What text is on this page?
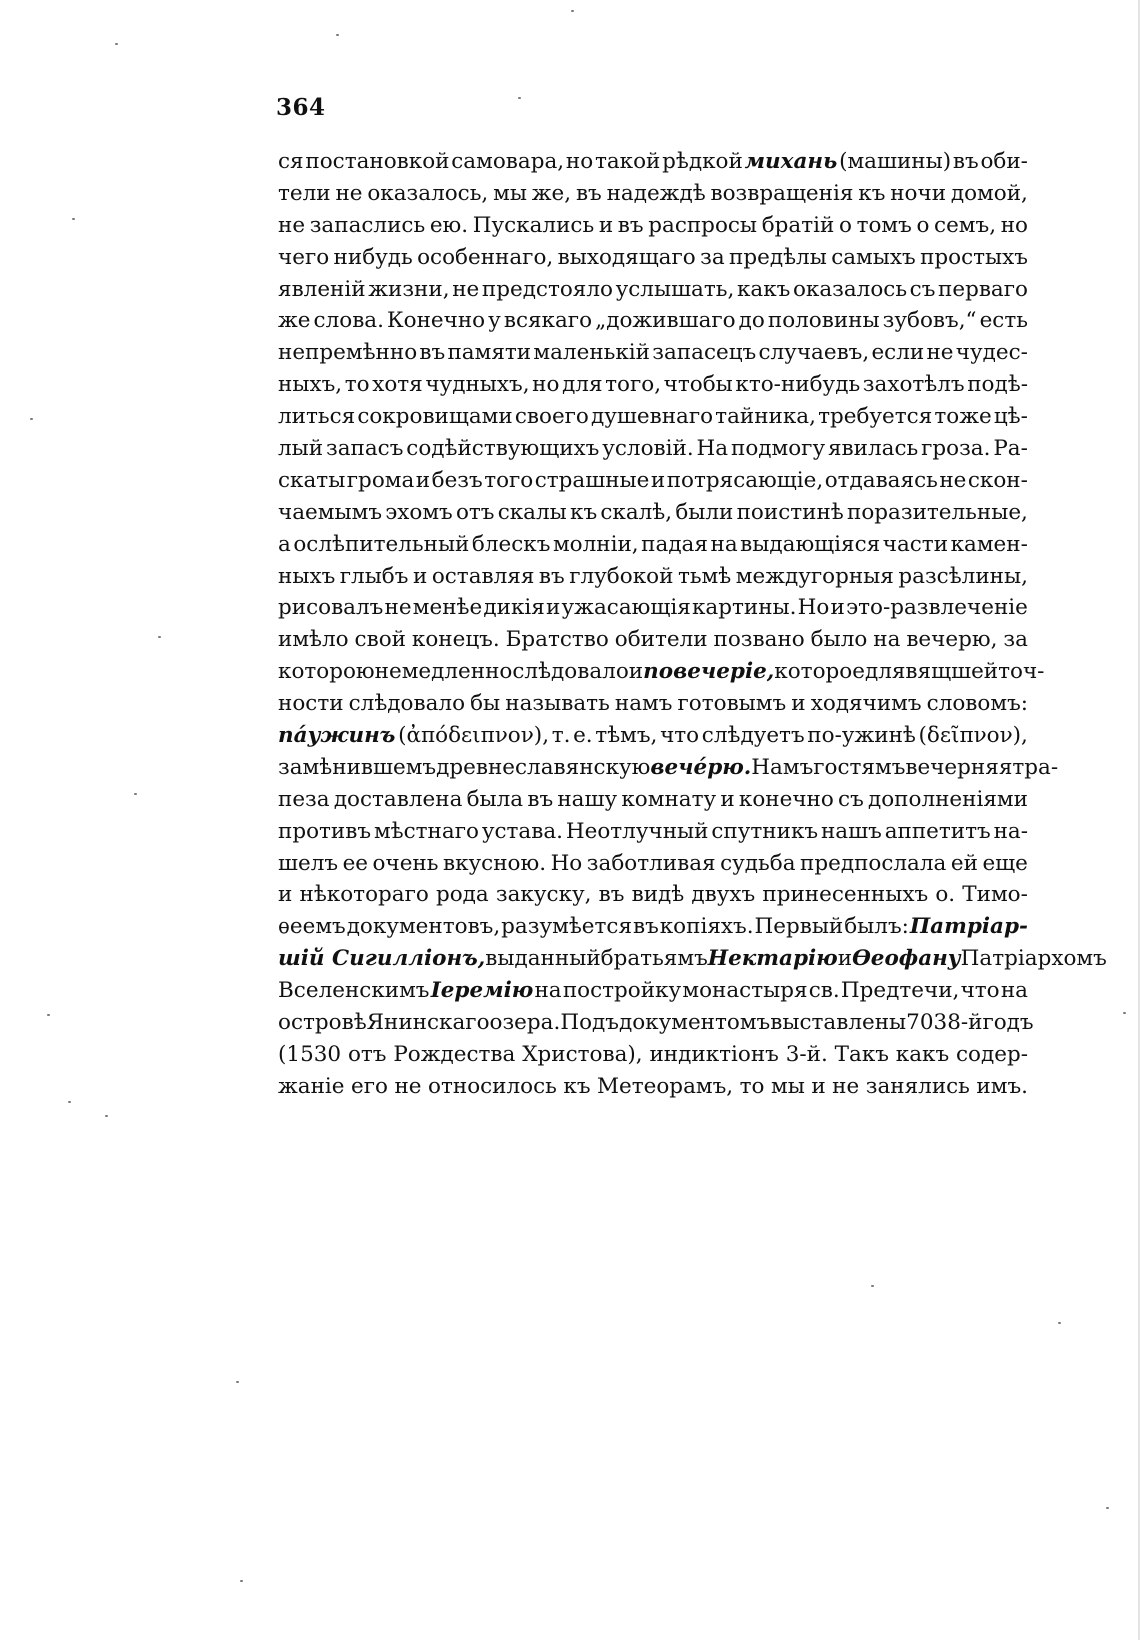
364
ся постановкой самовара, но такой рѣдкой михань (машины) въ оби-
тели не оказалось, мы же, въ надеждѣ возвращенія къ ночи домой,
не запаслись ею. Пускались и въ распросы братій о томъ о семъ, но
чего нибудь особеннаго, выходящаго за предѣлы самыхъ простыхъ
явленій жизни, не предстояло услышать, какъ оказалось съ перваго
же слова. Конечно у всякаго „дожившаго до половины зубовъ,“ есть
непремѣнно въ памяти маленькій запасецъ случаевъ, если не чудес-
ныхъ, то хотя чудныхъ, но для того, чтобы кто-нибудь захотѣлъ подѣ-
литься сокровищами своего душевнаго тайника, требуется тоже цѣ-
лый запасъ содѣйствующихъ условій. На подмогу явилась гроза. Ра-
скаты грома и безъ того страшные и потрясающіе, отдаваясь не скон-
чаемымъ эхомъ отъ скалы къ скалѣ, были поистинѣ поразительные,
а ослѣпительный блескъ молніи, падая на выдающіяся части камен-
ныхъ глыбъ и оставляя въ глубокой тьмѣ междугорныя разсѣлины,
рисовалъ не менѣе дикія и ужасающія картины. Но и это-развлеченіе
имѣло свой конецъ. Братство обители позвано было на вечерю, за
которою немедленно слѣдовало и повечеріе, которое для вящшей точ-
ности слѣдовало бы называть намъ готовымъ и ходячимъ словомъ:
пáужинъ (ἀπόδειπνον), т. е. тѣмъ, что слѣдуетъ по-ужинѣ (δεῖπνον),
замѣнившемъ древнеславянскую вечéрю. Намъ гостямъ вечерняя тра-
пеза доставлена была въ нашу комнату и конечно съ дополненіями
противъ мѣстнаго устава. Неотлучный спутникъ нашъ аппетитъ на-
шелъ ее очень вкусною. Но заботливая судьба предпослала ей еще
и нѣкотораго рода закуску, въ видѣ двухъ принесенныхъ о. Тимо-
ѳеемъ документовъ, разумѣется въ копіяхъ. Первый былъ: Патріар-
шій Сигилліонъ, выданный братьямъ Нектарію и Ѳеофану Патріархомъ
Вселенскимъ Іеремію на постройку монастыря св. Предтечи, что на
островѣ Янинскаго озера. Подъ документомъ выставлены 7038-й годъ
(1530 отъ Рождества Христова), индиктіонъ 3-й. Такъ какъ содер-
жаніе его не относилось къ Метеорамъ, то мы и не занялись имъ.
